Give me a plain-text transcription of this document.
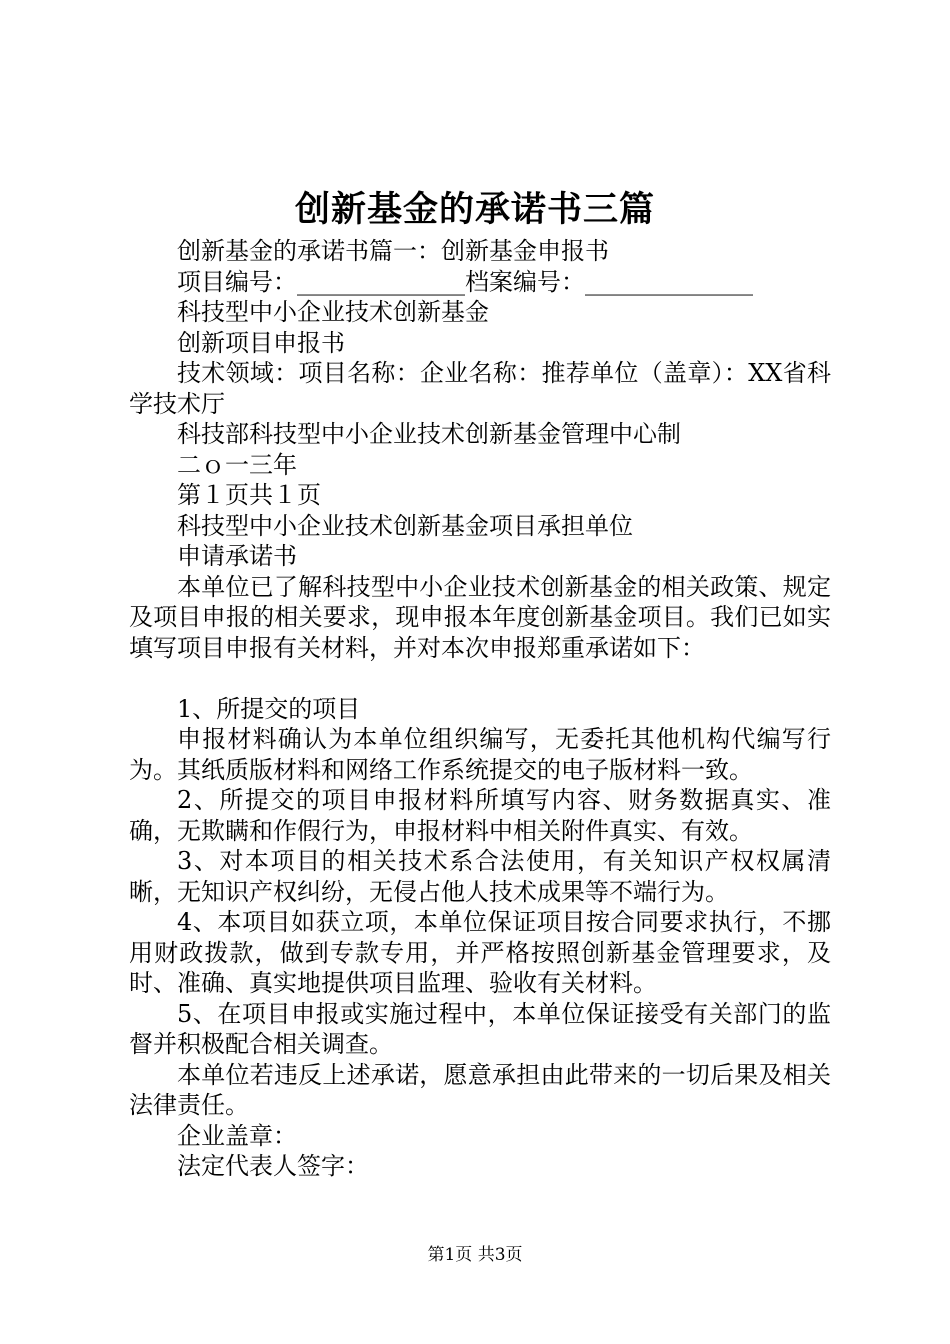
创新基金的承诺书三篇

创新基金的承诺书篇一：创新基金申报书

项目编号：______________档案编号：______________

科技型中小企业技术创新基金

创新项目申报书

技术领域：项目名称：企业名称：推荐单位（盖章）：XX省科学技术厅

科技部科技型中小企业技术创新基金管理中心制

二ｏ一三年

第１页共１页

科技型中小企业技术创新基金项目承担单位

申请承诺书

本单位已了解科技型中小企业技术创新基金的相关政策、规定及项目申报的相关要求，现申报本年度创新基金项目。我们已如实填写项目申报有关材料，并对本次申报郑重承诺如下：

1、所提交的项目

申报材料确认为本单位组织编写，无委托其他机构代编写行为。其纸质版材料和网络工作系统提交的电子版材料一致。

2、所提交的项目申报材料所填写内容、财务数据真实、准确，无欺瞒和作假行为，申报材料中相关附件真实、有效。

3、对本项目的相关技术系合法使用，有关知识产权权属清晰，无知识产权纠纷，无侵占他人技术成果等不端行为。

4、本项目如获立项，本单位保证项目按合同要求执行，不挪用财政拨款，做到专款专用，并严格按照创新基金管理要求，及时、准确、真实地提供项目监理、验收有关材料。

5、在项目申报或实施过程中，本单位保证接受有关部门的监督并积极配合相关调查。

本单位若违反上述承诺，愿意承担由此带来的一切后果及相关法律责任。

企业盖章：

法定代表人签字：

第1页 共3页
